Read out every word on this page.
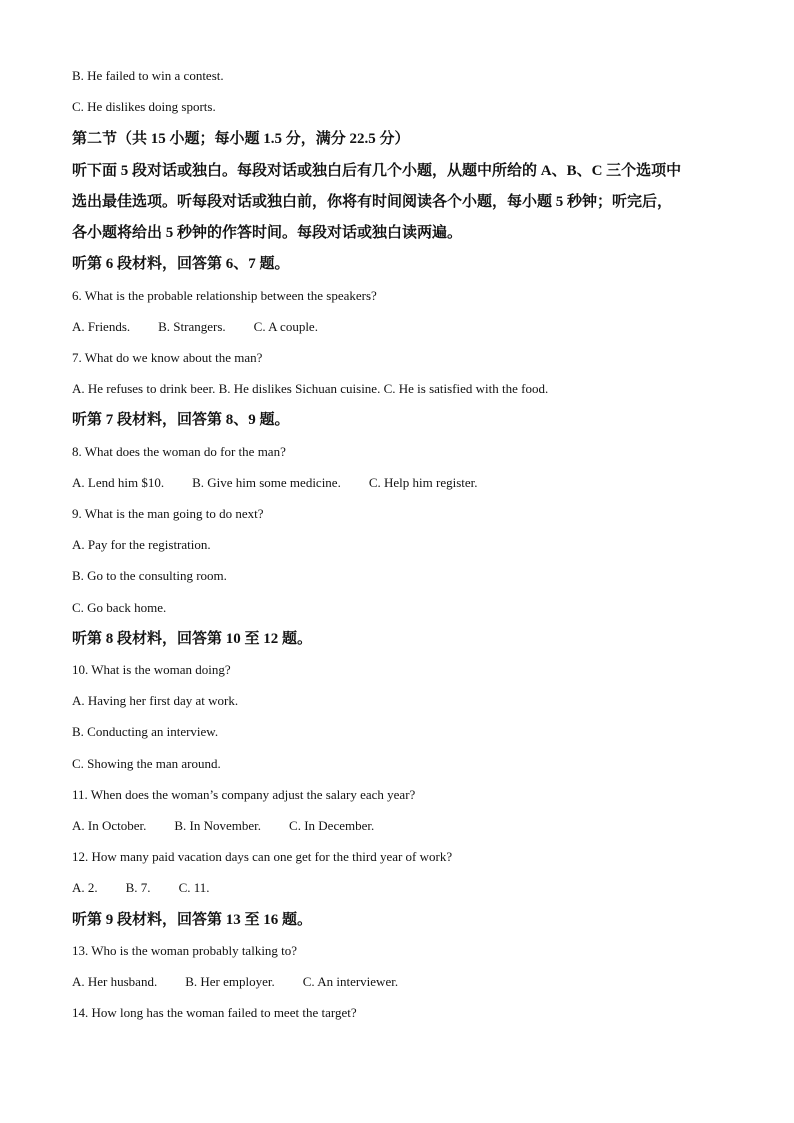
B. He failed to win a contest.
C. He dislikes doing sports.
第二节（共 15 小题；每小题 1.5 分，满分 22.5 分）
听下面 5 段对话或独白。每段对话或独白后有几个小题，从题中所给的 A、B、C 三个选项中
选出最佳选项。听每段对话或独白前，你将有时间阅读各个小题，每小题 5 秒钟；听完后，
各小题将给出 5 秒钟的作答时间。每段对话或独白读两遍。
听第 6 段材料，回答第 6、7 题。
6. What is the probable relationship between the speakers?
A. Friends. B. Strangers. C. A couple.
7. What do we know about the man?
A. He refuses to drink beer. B. He dislikes Sichuan cuisine. C. He is satisfied with the food.
听第 7 段材料，回答第 8、9 题。
8. What does the woman do for the man?
A. Lend him $10. B. Give him some medicine. C. Help him register.
9. What is the man going to do next?
A. Pay for the registration.
B. Go to the consulting room.
C. Go back home.
听第 8 段材料，回答第 10 至 12 题。
10. What is the woman doing?
A. Having her first day at work.
B. Conducting an interview.
C. Showing the man around.
11. When does the woman’s company adjust the salary each year?
A. In October. B. In November. C. In December.
12. How many paid vacation days can one get for the third year of work?
A. 2. B. 7. C. 11.
听第 9 段材料，回答第 13 至 16 题。
13. Who is the woman probably talking to?
A. Her husband. B. Her employer. C. An interviewer.
14. How long has the woman failed to meet the target?
